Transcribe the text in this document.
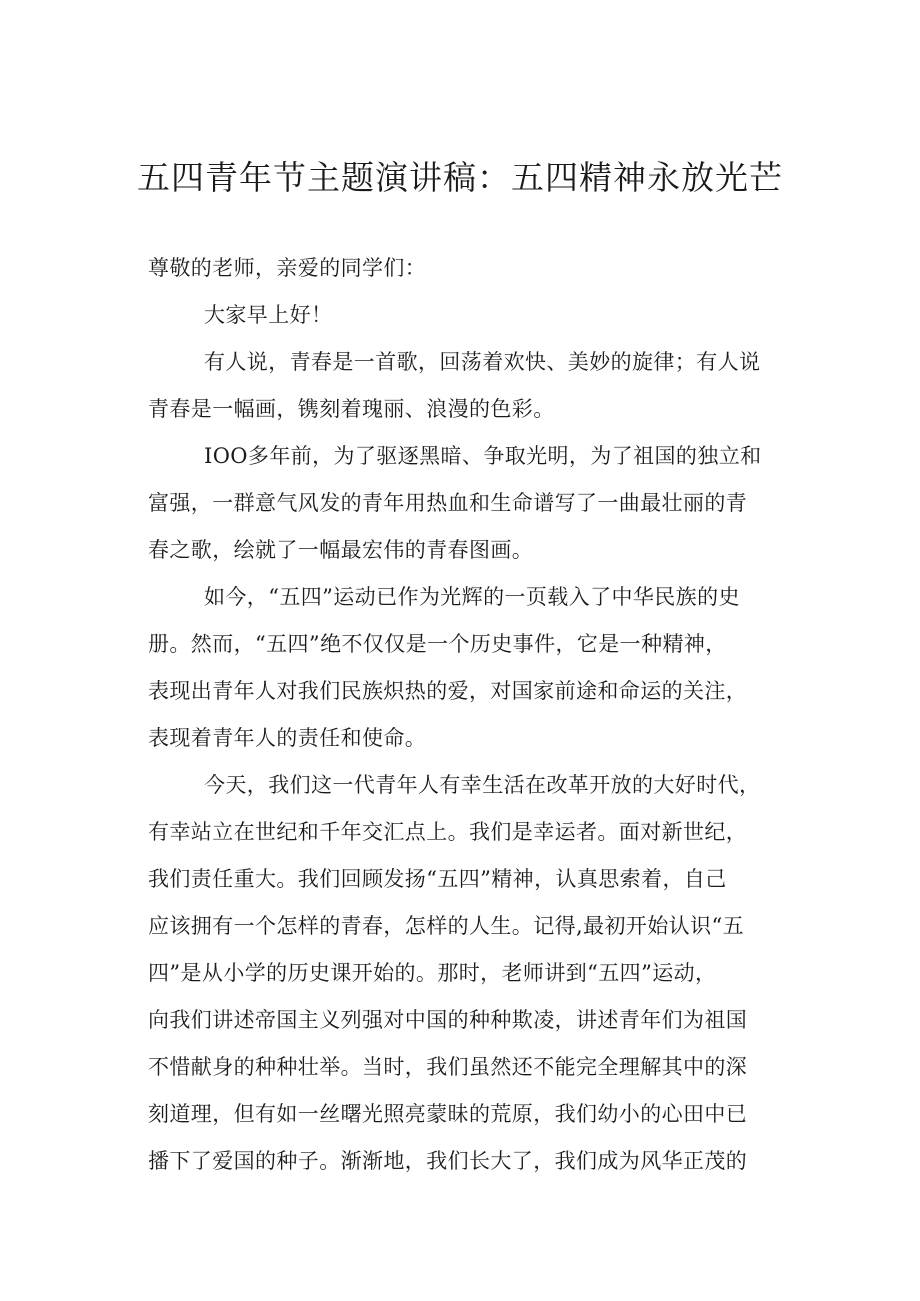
五四青年节主题演讲稿：五四精神永放光芒
尊敬的老师，亲爱的同学们：
大家早上好！
有人说，青春是一首歌，回荡着欢快、美妙的旋律；有人说
青春是一幅画，镌刻着瑰丽、浪漫的色彩。
IOO多年前，为了驱逐黑暗、争取光明，为了祖国的独立和
富强，一群意气风发的青年用热血和生命谱写了一曲最壮丽的青
春之歌，绘就了一幅最宏伟的青春图画。
如今，“五四”运动已作为光辉的一页载入了中华民族的史
册。然而，“五四”绝不仅仅是一个历史事件，它是一种精神，
表现出青年人对我们民族炽热的爱，对国家前途和命运的关注，
表现着青年人的责任和使命。
今天，我们这一代青年人有幸生活在改革开放的大好时代，
有幸站立在世纪和千年交汇点上。我们是幸运者。面对新世纪，
我们责任重大。我们回顾发扬“五四”精神，认真思索着，自己
应该拥有一个怎样的青春，怎样的人生。记得,最初开始认识“五
四”是从小学的历史课开始的。那时，老师讲到“五四”运动，
向我们讲述帝国主义列强对中国的种种欺凌，讲述青年们为祖国
不惜献身的种种壮举。当时，我们虽然还不能完全理解其中的深
刻道理，但有如一丝曙光照亮蒙昧的荒原，我们幼小的心田中已
播下了爱国的种子。渐渐地，我们长大了，我们成为风华正茂的
